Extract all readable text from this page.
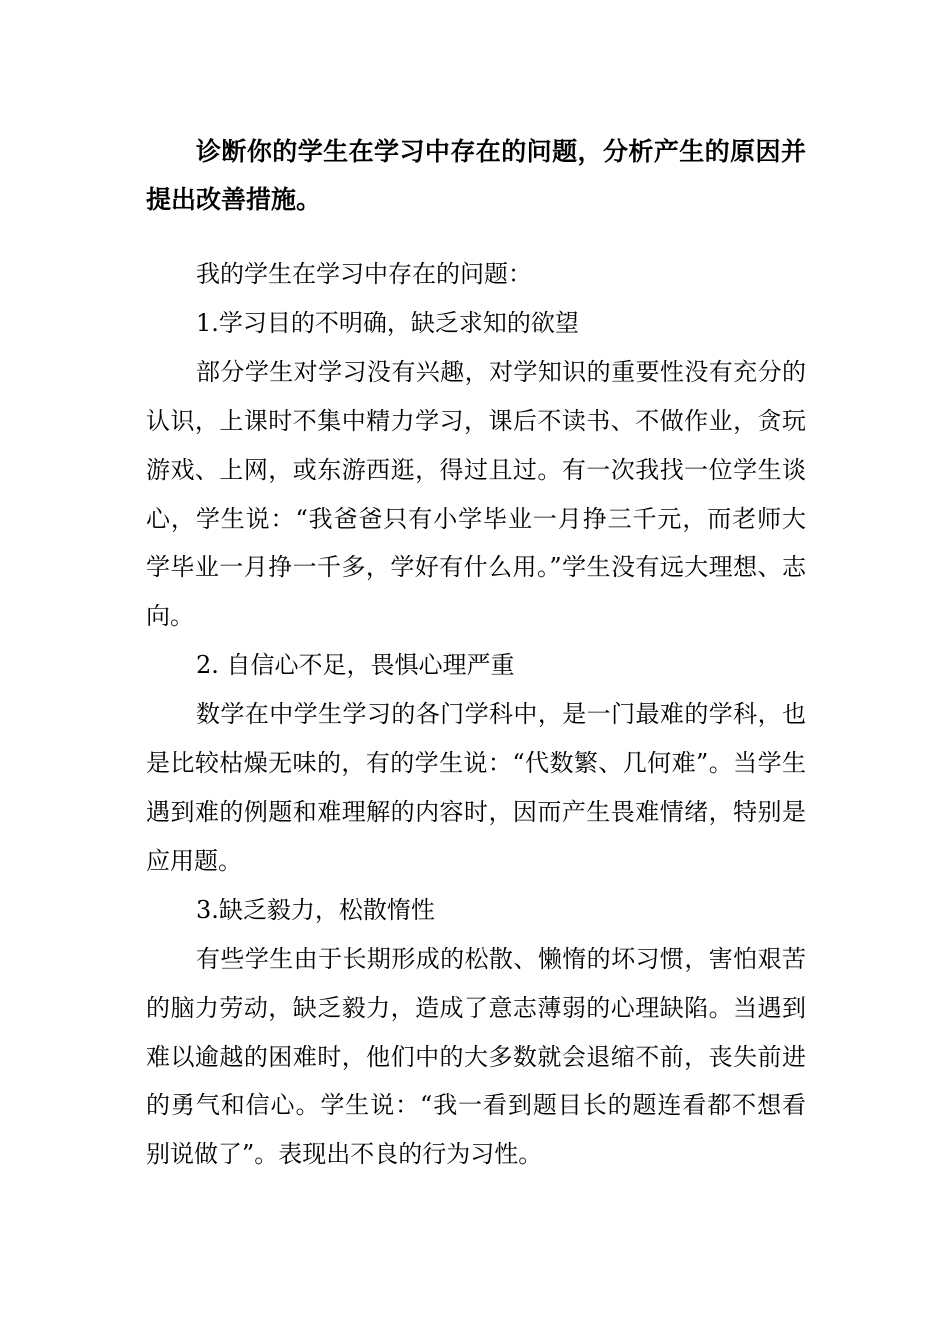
诊断你的学生在学习中存在的问题，分析产生的原因并提出改善措施。

我的学生在学习中存在的问题：

1.学习目的不明确，缺乏求知的欲望

部分学生对学习没有兴趣，对学知识的重要性没有充分的认识，上课时不集中精力学习，课后不读书、不做作业，贪玩游戏、上网，或东游西逛，得过且过。有一次我找一位学生谈心，学生说：“我爸爸只有小学毕业一月挣三千元，而老师大学毕业一月挣一千多，学好有什么用。”学生没有远大理想、志向。

2. 自信心不足，畏惧心理严重

数学在中学生学习的各门学科中，是一门最难的学科，也是比较枯燥无味的，有的学生说：“代数繁、几何难”。当学生遇到难的例题和难理解的内容时，因而产生畏难情绪，特别是应用题。

3.缺乏毅力，松散惰性

有些学生由于长期形成的松散、懒惰的坏习惯，害怕艰苦的脑力劳动，缺乏毅力，造成了意志薄弱的心理缺陷。当遇到难以逾越的困难时，他们中的大多数就会退缩不前，丧失前进的勇气和信心。学生说：“我一看到题目长的题连看都不想看别说做了”。表现出不良的行为习性。
